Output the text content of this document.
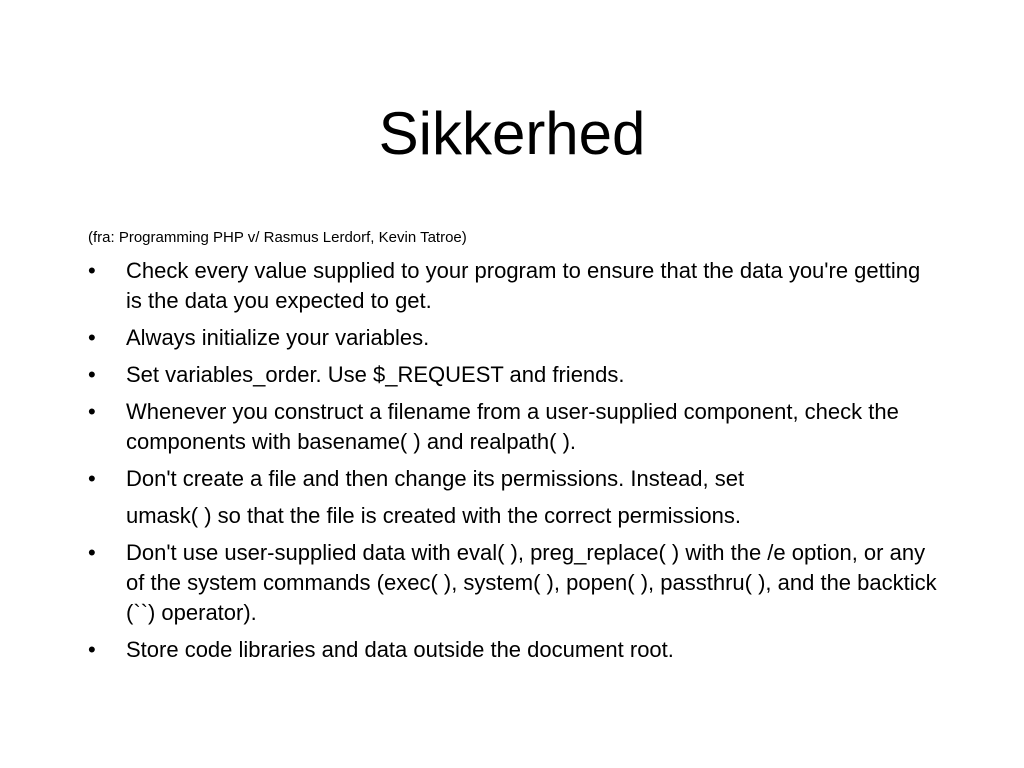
Sikkerhed

(fra: Programming PHP v/ Rasmus Lerdorf, Kevin Tatroe)

•	Check every value supplied to your program to ensure that the data you're getting is the data you expected to get.
•	Always initialize your variables.
•	Set variables_order. Use $_REQUEST and friends.
•	Whenever you construct a filename from a user-supplied component, check the components with basename( ) and realpath( ).
•	Don't create a file and then change its permissions. Instead, set
umask( ) so that the file is created with the correct permissions.
•	Don't use user-supplied data with eval( ), preg_replace( ) with the /e option, or any of the system commands (exec( ), system( ), popen( ), passthru( ), and the backtick (``) operator).
•	Store code libraries and data outside the document root.
